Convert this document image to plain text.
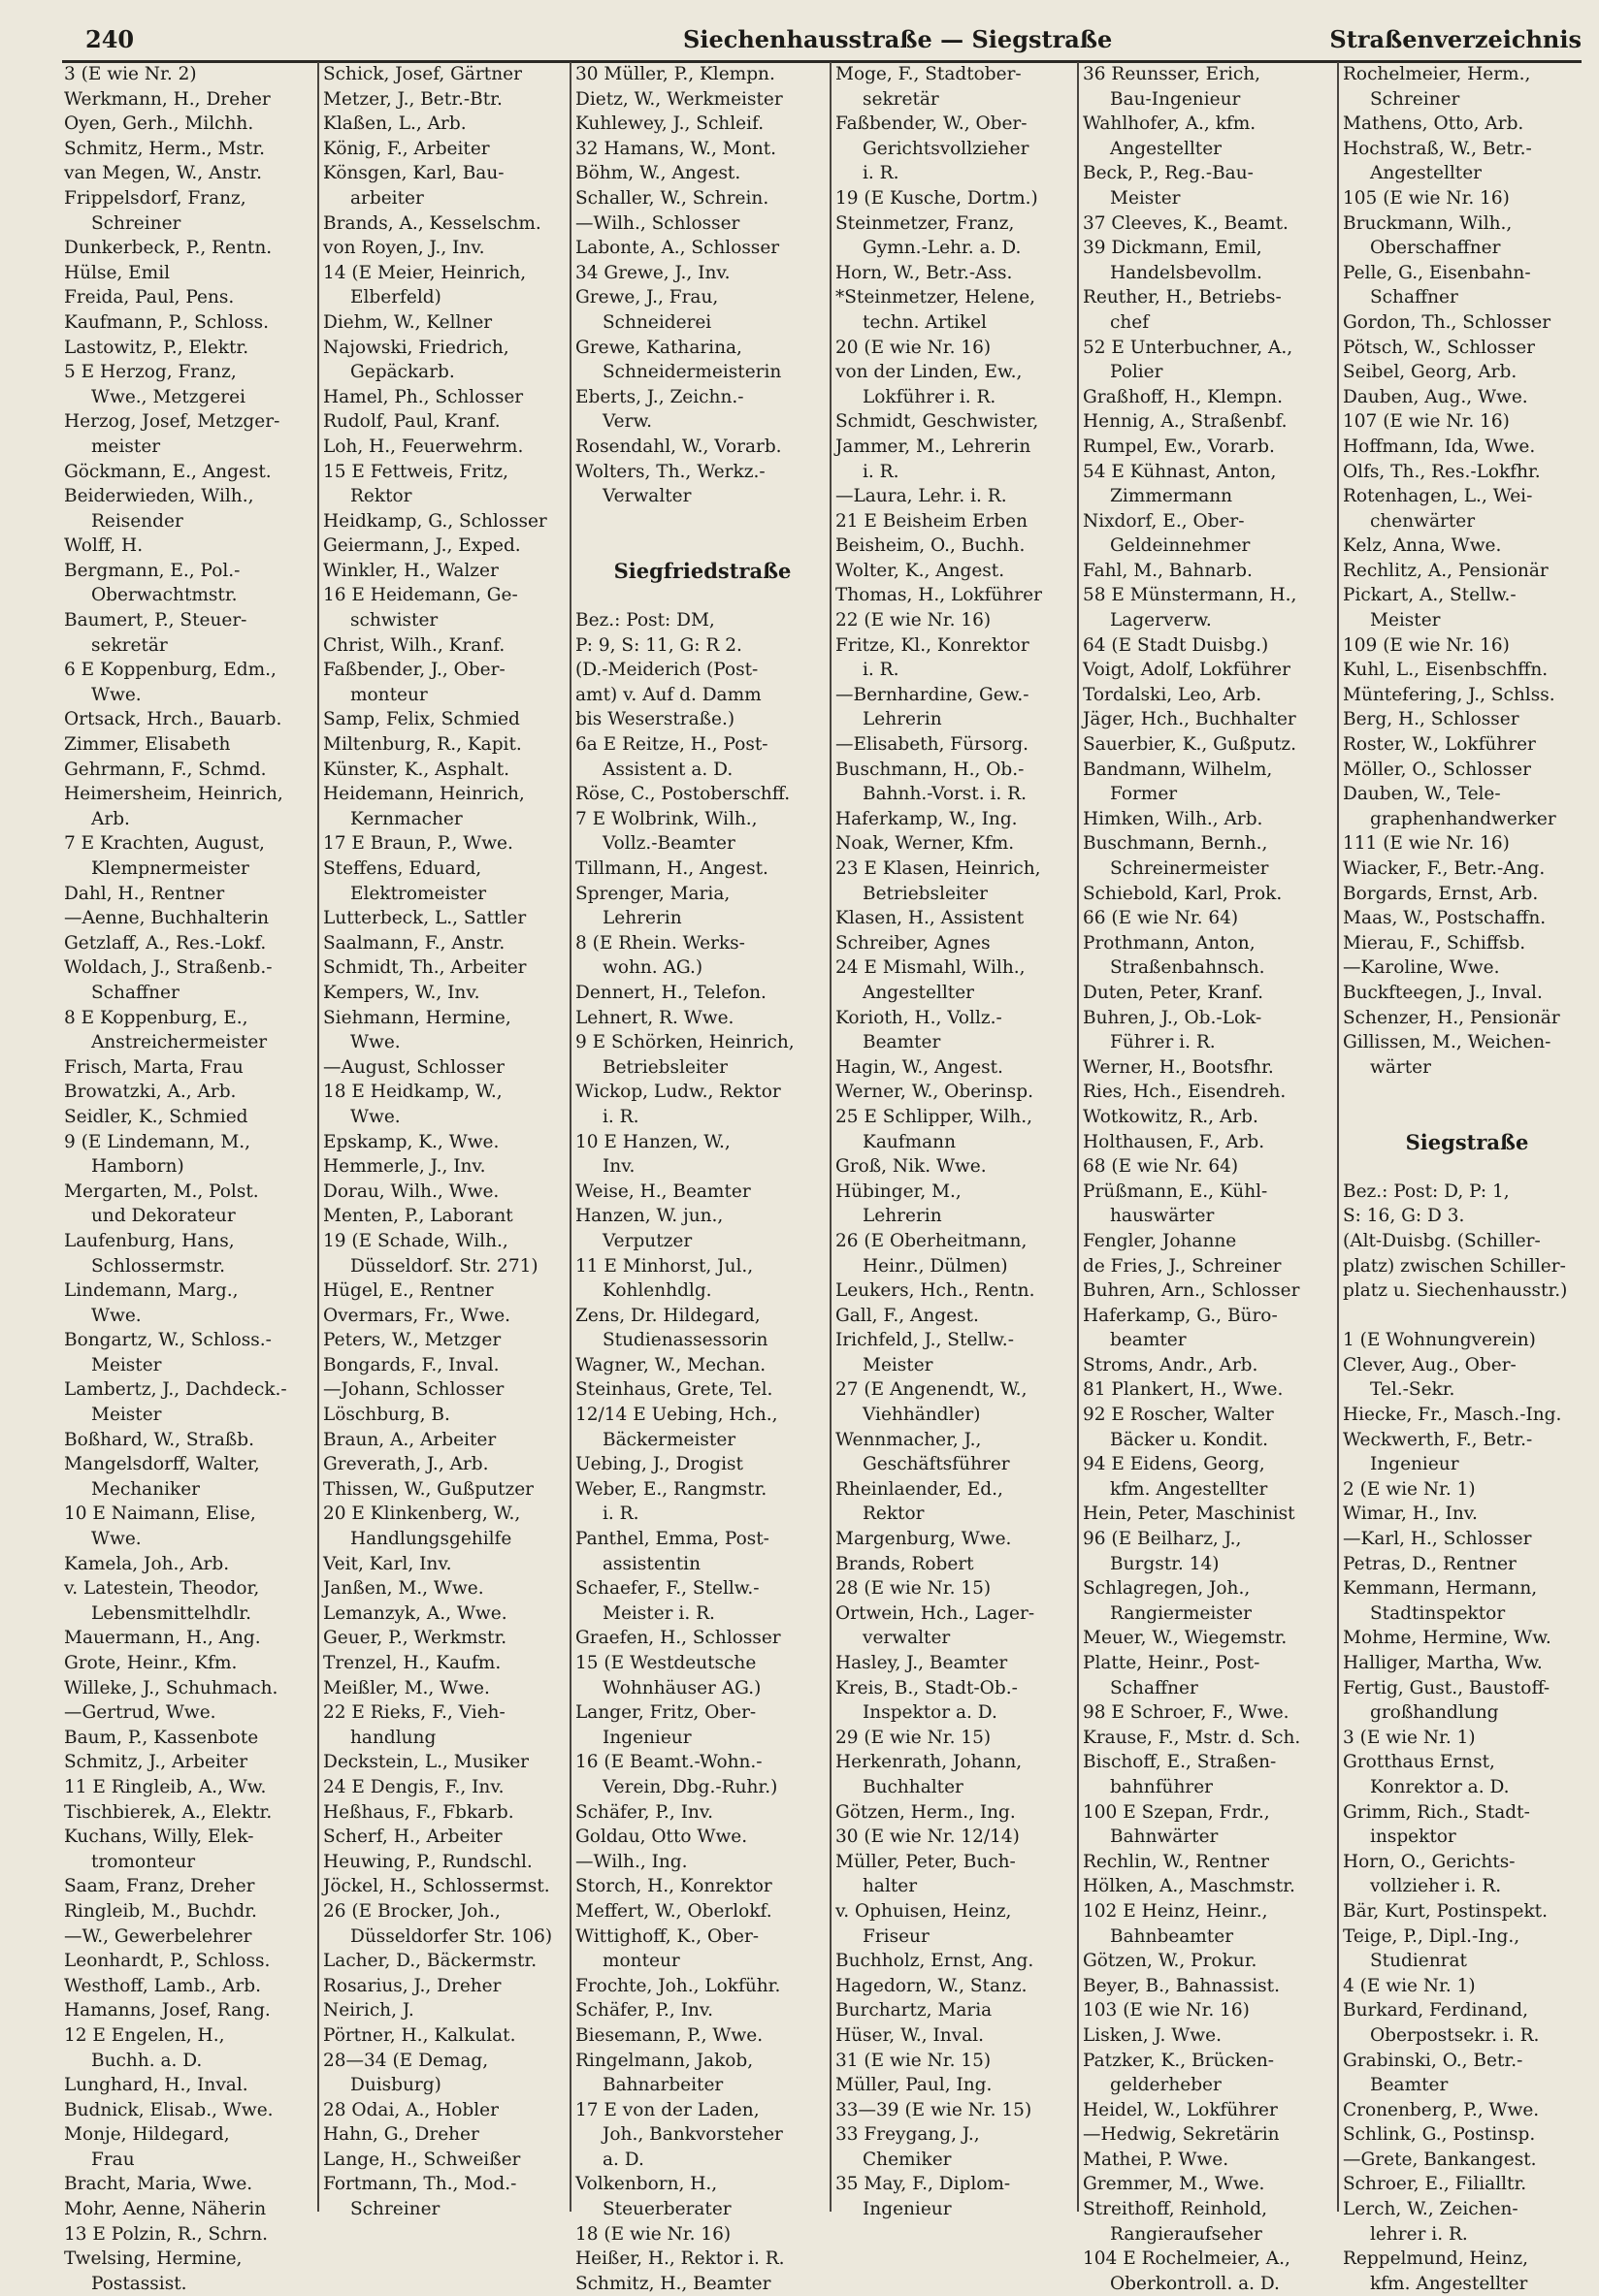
240	Siechenhausstraße — Siegstraße	Straßenverzeichnis
3 (E wie Nr. 2)
Werkmann, H., Dreher
Oyen, Gerh., Milchh.
Schmitz, Herm., Mstr.
van Megen, W., Anstr.
Frippelsdorf, Franz,
Schreiner
Dunkerbeck, P., Rentn.
Hülse, Emil
Freida, Paul, Pens.
Kaufmann, P., Schloss.
Lastowitz, P., Elektr.
5 E Herzog, Franz,
Wwe., Metzgerei
Herzog, Josef, Metzger-
meister
Göckmann, E., Angest.
Beiderwieden, Wilh.,
Reisender
Wolff, H.
Bergmann, E., Pol.-
Oberwachtmstr.
Baumert, P., Steuer-
sekretär
6 E Koppenburg, Edm.,
Wwe.
Ortsack, Hrch., Bauarb.
Zimmer, Elisabeth
Gehrmann, F., Schmd.
Heimersheim, Heinrich,
Arb.
7 E Krachten, August,
Klempnermeister
Dahl, H., Rentner
—Aenne, Buchhalterin
Getzlaff, A., Res.-Lokf.
Woldach, J., Straßenb.-
Schaffner
8 E Koppenburg, E.,
Anstreichermeister
Frisch, Marta, Frau
Browatzki, A., Arb.
Seidler, K., Schmied
9 (E Lindemann, M.,
Hamborn)
Mergarten, M., Polst.
und Dekorateur
Laufenburg, Hans,
Schlossermstr.
Lindemann, Marg.,
Wwe.
Bongartz, W., Schloss.-
Meister
Lambertz, J., Dachdeck.-
Meister
Boßhard, W., Straßb.
Mangelsdorff, Walter,
Mechaniker
10 E Naimann, Elise,
Wwe.
Kamela, Joh., Arb.
v. Latestein, Theodor,
Lebensmittelhdlr.
Mauermann, H., Ang.
Grote, Heinr., Kfm.
Willeke, J., Schuhmach.
—Gertrud, Wwe.
Baum, P., Kassenbote
Schmitz, J., Arbeiter
11 E Ringleib, A., Ww.
Tischbierek, A., Elektr.
Kuchans, Willy, Elek-
tromonteur
Saam, Franz, Dreher
Ringleib, M., Buchdr.
—W., Gewerbelehrer
Leonhardt, P., Schloss.
Westhoff, Lamb., Arb.
Hamanns, Josef, Rang.
12 E Engelen, H.,
Buchh. a. D.
Lunghard, H., Inval.
Budnick, Elisab., Wwe.
Monje, Hildegard,
Frau
Bracht, Maria, Wwe.
Mohr, Aenne, Näherin
13 E Polzin, R., Schrn.
Twelsing, Hermine,
Postassist.
Schick, Josef, Gärtner
Metzer, J., Betr.-Btr.
Klaßen, L., Arb.
König, F., Arbeiter
Könsgen, Karl, Bau-
arbeiter
Brands, A., Kesselschm.
von Royen, J., Inv.
14 (E Meier, Heinrich,
Elberfeld)
Diehm, W., Kellner
Najowski, Friedrich,
Gepäckarb.
Hamel, Ph., Schlosser
Rudolf, Paul, Kranf.
Loh, H., Feuerwehrm.
15 E Fettweis, Fritz,
Rektor
Heidkamp, G., Schlosser
Geiermann, J., Exped.
Winkler, H., Walzer
16 E Heidemann, Ge-
schwister
Christ, Wilh., Kranf.
Faßbender, J., Ober-
monteur
Samp, Felix, Schmied
Miltenburg, R., Kapit.
Künster, K., Asphalt.
Heidemann, Heinrich,
Kernmacher
17 E Braun, P., Wwe.
Steffens, Eduard,
Elektromeister
Lutterbeck, L., Sattler
Saalmann, F., Anstr.
Schmidt, Th., Arbeiter
Kempers, W., Inv.
Siehmann, Hermine,
Wwe.
—August, Schlosser
18 E Heidkamp, W.,
Wwe.
Epskamp, K., Wwe.
Hemmerle, J., Inv.
Dorau, Wilh., Wwe.
Menten, P., Laborant
19 (E Schade, Wilh.,
Düsseldorf. Str. 271)
Hügel, E., Rentner
Overmars, Fr., Wwe.
Peters, W., Metzger
Bongards, F., Inval.
—Johann, Schlosser
Löschburg, B.
Braun, A., Arbeiter
Greverath, J., Arb.
Thissen, W., Gußputzer
20 E Klinkenberg, W.,
Handlungsgehilfe
Veit, Karl, Inv.
Janßen, M., Wwe.
Lemanzyk, A., Wwe.
Geuer, P., Werkmstr.
Trenzel, H., Kaufm.
Meißler, M., Wwe.
22 E Rieks, F., Vieh-
handlung
Deckstein, L., Musiker
24 E Dengis, F., Inv.
Heßhaus, F., Fbkarb.
Scherf, H., Arbeiter
Heuwing, P., Rundschl.
Jöckel, H., Schlossermst.
26 (E Brocker, Joh.,
Düsseldorfer Str. 106)
Lacher, D., Bäckermstr.
Rosarius, J., Dreher
Neirich, J.
Pörtner, H., Kalkulat.
28—34 (E Demag,
Duisburg)
28 Odai, A., Hobler
Hahn, G., Dreher
Lange, H., Schweißer
Fortmann, Th., Mod.-
Schreiner
30 Müller, P., Klempn.
Dietz, W., Werkmeister
Kuhlewey, J., Schleif.
32 Hamans, W., Mont.
Böhm, W., Angest.
Schaller, W., Schrein.
—Wilh., Schlosser
Labonte, A., Schlosser
34 Grewe, J., Inv.
Grewe, J., Frau,
Schneiderei
Grewe, Katharina,
Schneidermeisterin
Eberts, J., Zeichn.-
Verw.
Rosendahl, W., Vorarb.
Wolters, Th., Werkz.-
Verwalter
Siegfriedstraße
Bez.: Post: DM,
P: 9, S: 11, G: R 2.
(D.-Meiderich (Post-
amt) v. Auf d. Damm
bis Weserstraße.)
6a E Reitze, H., Post-
Assistent a. D.
Röse, C., Postoberschff.
7 E Wolbrink, Wilh.,
Vollz.-Beamter
Tillmann, H., Angest.
Sprenger, Maria,
Lehrerin
8 (E Rhein. Werks-
wohn. AG.)
Dennert, H., Telefon.
Lehnert, R. Wwe.
9 E Schörken, Heinrich,
Betriebsleiter
Wickop, Ludw., Rektor
i. R.
10 E Hanzen, W.,
Inv.
Weise, H., Beamter
Hanzen, W. jun.,
Verputzer
11 E Minhorst, Jul.,
Kohlenhdlg.
Zens, Dr. Hildegard,
Studienassessorin
Wagner, W., Mechan.
Steinhaus, Grete, Tel.
12/14 E Uebing, Hch.,
Bäckermeister
Uebing, J., Drogist
Weber, E., Rangmstr.
i. R.
Panthel, Emma, Post-
assistentin
Schaefer, F., Stellw.-
Meister i. R.
Graefen, H., Schlosser
15 (E Westdeutsche
Wohnhäuser AG.)
Langer, Fritz, Ober-
Ingenieur
16 (E Beamt.-Wohn.-
Verein, Dbg.-Ruhr.)
Schäfer, P., Inv.
Goldau, Otto Wwe.
—Wilh., Ing.
Storch, H., Konrektor
Meffert, W., Oberlokf.
Wittighoff, K., Ober-
monteur
Frochte, Joh., Lokführ.
Schäfer, P., Inv.
Biesemann, P., Wwe.
Ringelmann, Jakob,
Bahnarbeiter
17 E von der Laden,
Joh., Bankvorsteher
a. D.
Volkenborn, H.,
Steuerberater
18 (E wie Nr. 16)
Heißer, H., Rektor i. R.
Schmitz, H., Beamter
Moge, F., Stadtober-
sekretär
Faßbender, W., Ober-
Gerichtsvollzieher
i. R.
19 (E Kusche, Dortm.)
Steinmetzer, Franz,
Gymn.-Lehr. a. D.
Horn, W., Betr.-Ass.
*Steinmetzer, Helene,
techn. Artikel
20 (E wie Nr. 16)
von der Linden, Ew.,
Lokführer i. R.
Schmidt, Geschwister,
Jammer, M., Lehrerin
i. R.
—Laura, Lehr. i. R.
21 E Beisheim Erben
Beisheim, O., Buchh.
Wolter, K., Angest.
Thomas, H., Lokführer
22 (E wie Nr. 16)
Fritze, Kl., Konrektor
i. R.
—Bernhardine, Gew.-
Lehrerin
—Elisabeth, Fürsorg.
Buschmann, H., Ob.-
Bahnh.-Vorst. i. R.
Haferkamp, W., Ing.
Noak, Werner, Kfm.
23 E Klasen, Heinrich,
Betriebsleiter
Klasen, H., Assistent
Schreiber, Agnes
24 E Mismahl, Wilh.,
Angestellter
Korioth, H., Vollz.-
Beamter
Hagin, W., Angest.
Werner, W., Oberinsp.
25 E Schlipper, Wilh.,
Kaufmann
Groß, Nik. Wwe.
Hübinger, M.,
Lehrerin
26 (E Oberheitmann,
Heinr., Dülmen)
Leukers, Hch., Rentn.
Gall, F., Angest.
Irichfeld, J., Stellw.-
Meister
27 (E Angenendt, W.,
Viehhändler)
Wennmacher, J.,
Geschäftsführer
Rheinlaender, Ed.,
Rektor
Margenburg, Wwe.
Brands, Robert
28 (E wie Nr. 15)
Ortwein, Hch., Lager-
verwalter
Hasley, J., Beamter
Kreis, B., Stadt-Ob.-
Inspektor a. D.
29 (E wie Nr. 15)
Herkenrath, Johann,
Buchhalter
Götzen, Herm., Ing.
30 (E wie Nr. 12/14)
Müller, Peter, Buch-
halter
v. Ophuisen, Heinz,
Friseur
Buchholz, Ernst, Ang.
Hagedorn, W., Stanz.
Burchartz, Maria
Hüser, W., Inval.
31 (E wie Nr. 15)
Müller, Paul, Ing.
33—39 (E wie Nr. 15)
33 Freygang, J.,
Chemiker
35 May, F., Diplom-
Ingenieur
36 Reunsser, Erich,
Bau-Ingenieur
Wahlhofer, A., kfm.
Angestellter
Beck, P., Reg.-Bau-
Meister
37 Cleeves, K., Beamt.
39 Dickmann, Emil,
Handelsbevollm.
Reuther, H., Betriebs-
chef
52 E Unterbuchner, A.,
Polier
Graßhoff, H., Klempn.
Hennig, A., Straßenbf.
Rumpel, Ew., Vorarb.
54 E Kühnast, Anton,
Zimmermann
Nixdorf, E., Ober-
Geldeinnehmer
Fahl, M., Bahnarb.
58 E Münstermann, H.,
Lagerverw.
64 (E Stadt Duisbg.)
Voigt, Adolf, Lokführer
Tordalski, Leo, Arb.
Jäger, Hch., Buchhalter
Sauerbier, K., Gußputz.
Bandmann, Wilhelm,
Former
Himken, Wilh., Arb.
Buschmann, Bernh.,
Schreinermeister
Schiebold, Karl, Prok.
66 (E wie Nr. 64)
Prothmann, Anton,
Straßenbahnsch.
Duten, Peter, Kranf.
Buhren, J., Ob.-Lok-
Führer i. R.
Werner, H., Bootsfhr.
Ries, Hch., Eisendreh.
Wotkowitz, R., Arb.
Holthausen, F., Arb.
68 (E wie Nr. 64)
Prüßmann, E., Kühl-
hauswärter
Fengler, Johanne
de Fries, J., Schreiner
Buhren, Arn., Schlosser
Haferkamp, G., Büro-
beamter
Stroms, Andr., Arb.
81 Plankert, H., Wwe.
92 E Roscher, Walter
Bäcker u. Kondit.
94 E Eidens, Georg,
kfm. Angestellter
Hein, Peter, Maschinist
96 (E Beilharz, J.,
Burgstr. 14)
Schlagregen, Joh.,
Rangiermeister
Meuer, W., Wiegemstr.
Platte, Heinr., Post-
Schaffner
98 E Schroer, F., Wwe.
Krause, F., Mstr. d. Sch.
Bischoff, E., Straßen-
bahnführer
100 E Szepan, Frdr.,
Bahnwärter
Rechlin, W., Rentner
Hölken, A., Maschmstr.
102 E Heinz, Heinr.,
Bahnbeamter
Götzen, W., Prokur.
Beyer, B., Bahnassist.
103 (E wie Nr. 16)
Lisken, J. Wwe.
Patzker, K., Brücken-
gelderheber
Heidel, W., Lokführer
—Hedwig, Sekretärin
Mathei, P. Wwe.
Gremmer, M., Wwe.
Streithoff, Reinhold,
Rangieraufseher
104 E Rochelmeier, A.,
Oberkontroll. a. D.
Rochelmeier, Herm.,
Schreiner
Mathens, Otto, Arb.
Hochstraß, W., Betr.-
Angestellter
105 (E wie Nr. 16)
Bruckmann, Wilh.,
Oberschaffner
Pelle, G., Eisenbahn-
Schaffner
Gordon, Th., Schlosser
Pötsch, W., Schlosser
Seibel, Georg, Arb.
Dauben, Aug., Wwe.
107 (E wie Nr. 16)
Hoffmann, Ida, Wwe.
Olfs, Th., Res.-Lokfhr.
Rotenhagen, L., Wei-
chenwärter
Kelz, Anna, Wwe.
Rechlitz, A., Pensionär
Pickart, A., Stellw.-
Meister
109 (E wie Nr. 16)
Kuhl, L., Eisenbschffn.
Müntefering, J., Schlss.
Berg, H., Schlosser
Roster, W., Lokführer
Möller, O., Schlosser
Dauben, W., Tele-
graphenhandwerker
111 (E wie Nr. 16)
Wiacker, F., Betr.-Ang.
Borgards, Ernst, Arb.
Maas, W., Postschaffn.
Mierau, F., Schiffsb.
—Karoline, Wwe.
Buckfteegen, J., Inval.
Schenzer, H., Pensionär
Gillissen, M., Weichen-
wärter
Siegstraße
Bez.: Post: D, P: 1,
S: 16, G: D 3.
(Alt-Duisbg. (Schiller-
platz) zwischen Schiller-
platz u. Siechenhausstr.)
1 (E Wohnungverein)
Clever, Aug., Ober-
Tel.-Sekr.
Hiecke, Fr., Masch.-Ing.
Weckwerth, F., Betr.-
Ingenieur
2 (E wie Nr. 1)
Wimar, H., Inv.
—Karl, H., Schlosser
Petras, D., Rentner
Kemmann, Hermann,
Stadtinspektor
Mohme, Hermine, Ww.
Halliger, Martha, Ww.
Fertig, Gust., Baustoff-
großhandlung
3 (E wie Nr. 1)
Grotthaus Ernst,
Konrektor a. D.
Grimm, Rich., Stadt-
inspektor
Horn, O., Gerichts-
vollzieher i. R.
Bär, Kurt, Postinspekt.
Teige, P., Dipl.-Ing.,
Studienrat
4 (E wie Nr. 1)
Burkard, Ferdinand,
Oberpostsekr. i. R.
Grabinski, O., Betr.-
Beamter
Cronenberg, P., Wwe.
Schlink, G., Postinsp.
—Grete, Bankangest.
Schroer, E., Filialltr.
Lerch, W., Zeichen-
lehrer i. R.
Reppelmund, Heinz,
kfm. Angestellter
